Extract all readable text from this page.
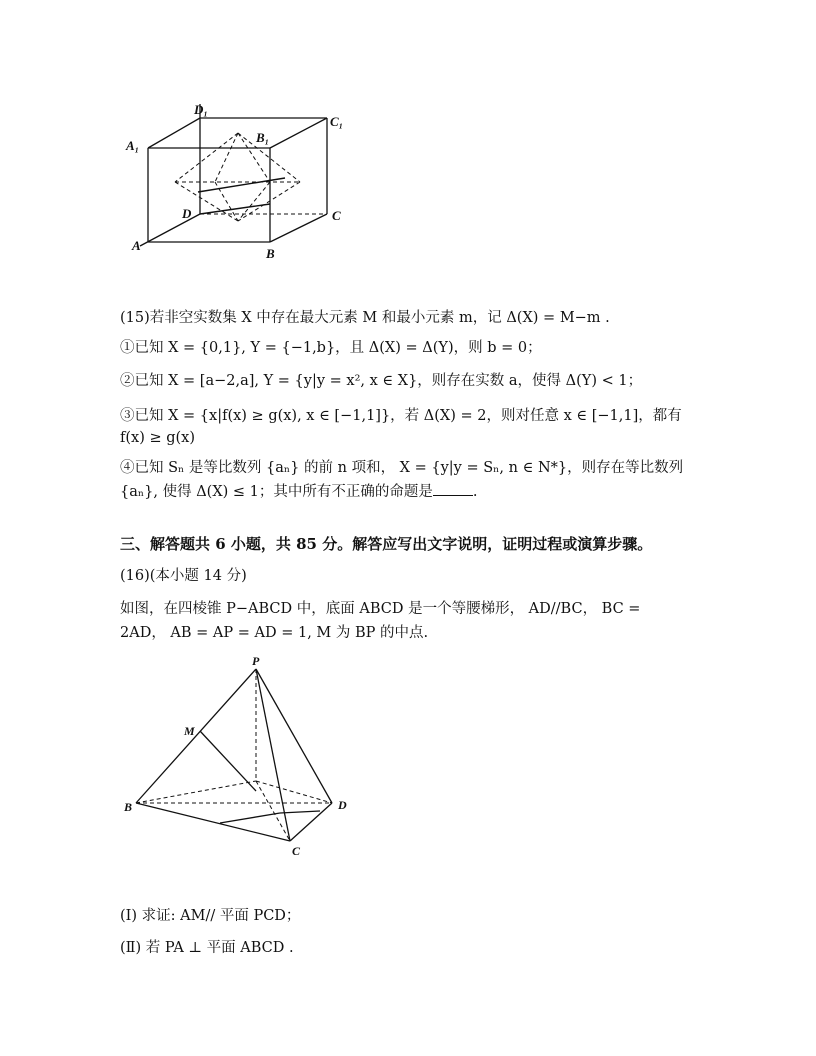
D₁
C₁
A₁
B₁
D	C
A
B
(15)若非空实数集 X 中存在最大元素 M 和最小元素 m，记 Δ(X) = M−m .
①已知 X = {0,1}, Y = {−1,b}，且 Δ(X) = Δ(Y)，则 b = 0；
②已知 X = [a−2,a], Y = {y|y = x², x ∈ X}，则存在实数 a，使得 Δ(Y) < 1；
③已知 X = {x|f(x) ≥ g(x), x ∈ [−1,1]}，若 Δ(X) = 2，则对任意 x ∈ [−1,1]，都有 f(x) ≥ g(x)
④已知 Sₙ 是等比数列 {aₙ} 的前 n 项和， X = {y|y = Sₙ, n ∈ N*}，则存在等比数列
{aₙ}, 使得 Δ(X) ≤ 1；其中所有不正确的命题是	.
三、解答题共 6 小题，共 85 分。解答应写出文字说明，证明过程或演算步骤。
(16)(本小题 14 分)
如图，在四棱锥 P−ABCD 中，底面 ABCD 是一个等腰梯形， AD//BC， BC = 2AD， AB = AP = AD = 1, M 为 BP 的中点.
P
M
B	D
C
(Ⅰ) 求证: AM// 平面 PCD；
(Ⅱ) 若 PA ⊥ 平面 ABCD .
